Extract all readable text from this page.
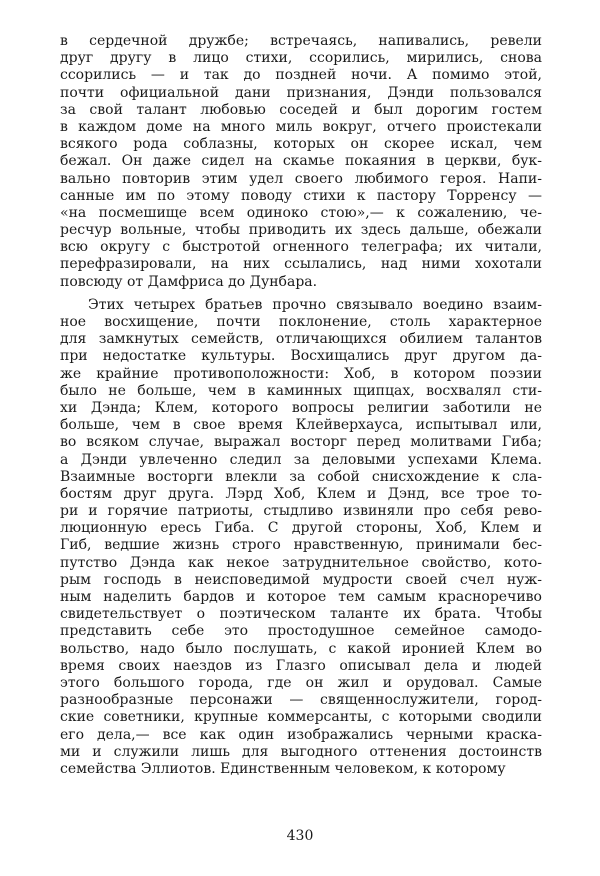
в сердечной дружбе; встречаясь, напивались, ревели
друг другу в лицо стихи, ссорились, мирились, снова
ссорились — и так до поздней ночи. А помимо этой,
почти официальной дани признания, Дэнди пользовался
за свой талант любовью соседей и был дорогим гостем
в каждом доме на много миль вокруг, отчего проистекали
всякого рода соблазны, которых он скорее искал, чем
бежал. Он даже сидел на скамье покаяния в церкви, бук-
вально повторив этим удел своего любимого героя. Напи-
санные им по этому поводу стихи к пастору Торренсу —
«на посмешище всем одиноко стою»,— к сожалению, че-
ресчур вольные, чтобы приводить их здесь дальше, обежали
всю округу с быстротой огненного телеграфа; их читали,
перефразировали, на них ссылались, над ними хохотали
повсюду от Дамфриса до Дунбара.
Этих четырех братьев прочно связывало воедино взаим-
ное восхищение, почти поклонение, столь характерное
для замкнутых семейств, отличающихся обилием талантов
при недостатке культуры. Восхищались друг другом да-
же крайние противоположности: Хоб, в котором поэзии
было не больше, чем в каминных щипцах, восхвалял сти-
хи Дэнда; Клем, которого вопросы религии заботили не
больше, чем в свое время Клейверхауса, испытывал или,
во всяком случае, выражал восторг перед молитвами Гиба;
а Дэнди увлеченно следил за деловыми успехами Клема.
Взаимные восторги влекли за собой снисхождение к сла-
бостям друг друга. Лэрд Хоб, Клем и Дэнд, все трое то-
ри и горячие патриоты, стыдливо извиняли про себя рево-
люционную ересь Гиба. С другой стороны, Хоб, Клем и
Гиб, ведшие жизнь строго нравственную, принимали бес-
путство Дэнда как некое затруднительное свойство, кото-
рым господь в неисповедимой мудрости своей счел нуж-
ным наделить бардов и которое тем самым красноречиво
свидетельствует о поэтическом таланте их брата. Чтобы
представить себе это простодушное семейное самодо-
вольство, надо было послушать, с какой иронией Клем во
время своих наездов из Глазго описывал дела и людей
этого большого города, где он жил и орудовал. Самые
разнообразные персонажи — священнослужители, город-
ские советники, крупные коммерсанты, с которыми сводили
его дела,— все как один изображались черными краска-
ми и служили лишь для выгодного оттенения достоинств
семейства Эллиотов. Единственным человеком, к которому
430
